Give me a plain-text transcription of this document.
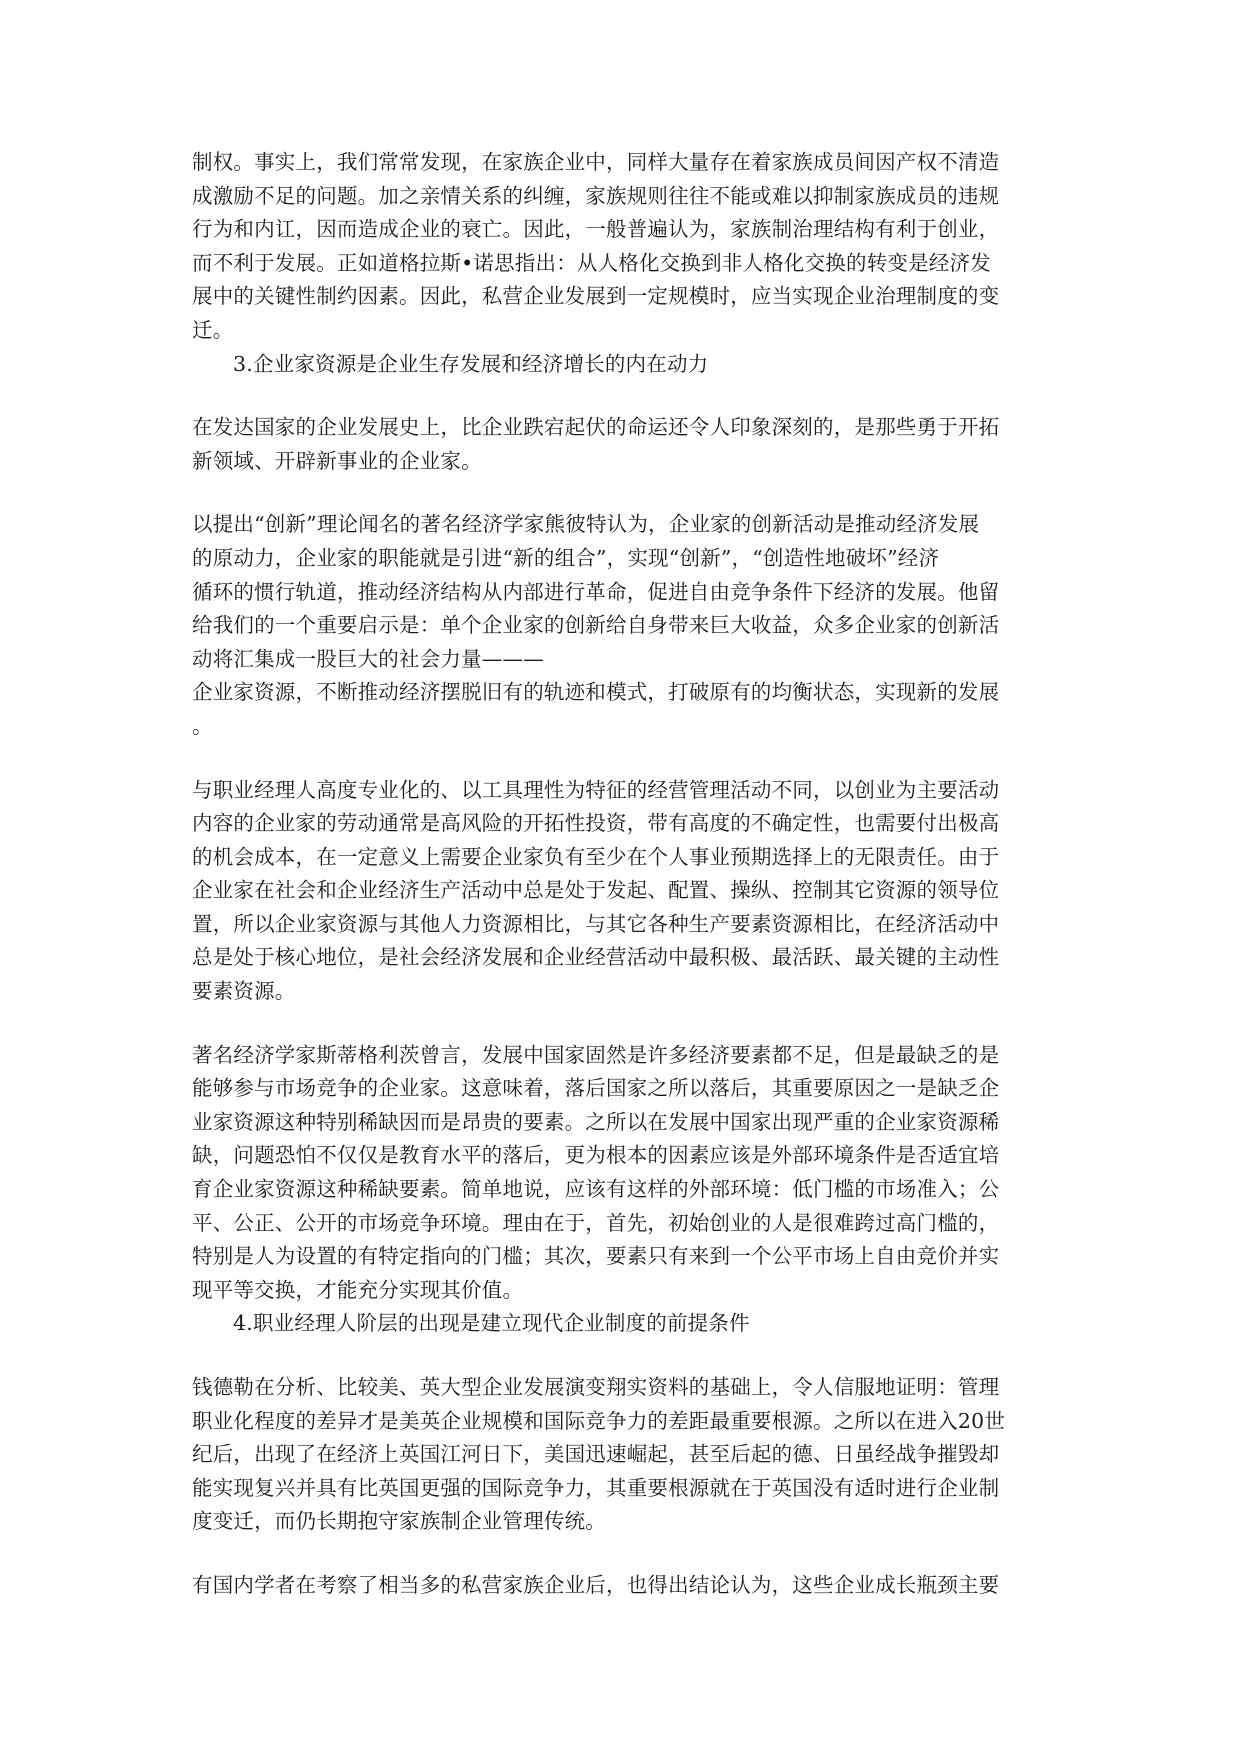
制权。事实上，我们常常发现，在家族企业中，同样大量存在着家族成员间因产权不清造
成激励不足的问题。加之亲情关系的纠缠，家族规则往往不能或难以抑制家族成员的违规
行为和内讧，因而造成企业的衰亡。因此，一般普遍认为，家族制治理结构有利于创业，
而不利于发展。正如道格拉斯•诺思指出：从人格化交换到非人格化交换的转变是经济发
展中的关键性制约因素。因此，私营企业发展到一定规模时，应当实现企业治理制度的变
迁。

3.企业家资源是企业生存发展和经济增长的内在动力

在发达国家的企业发展史上，比企业跌宕起伏的命运还令人印象深刻的，是那些勇于开拓
新领域、开辟新事业的企业家。

以提出“创新”理论闻名的著名经济学家熊彼特认为，企业家的创新活动是推动经济发展
的原动力，企业家的职能就是引进“新的组合”，实现“创新”，“创造性地破坏”经济
循环的惯行轨道，推动经济结构从内部进行革命，促进自由竞争条件下经济的发展。他留
给我们的一个重要启示是：单个企业家的创新给自身带来巨大收益，众多企业家的创新活
动将汇集成一股巨大的社会力量———
企业家资源，不断推动经济摆脱旧有的轨迹和模式，打破原有的均衡状态，实现新的发展
。

与职业经理人高度专业化的、以工具理性为特征的经营管理活动不同，以创业为主要活动
内容的企业家的劳动通常是高风险的开拓性投资，带有高度的不确定性，也需要付出极高
的机会成本，在一定意义上需要企业家负有至少在个人事业预期选择上的无限责任。由于
企业家在社会和企业经济生产活动中总是处于发起、配置、操纵、控制其它资源的领导位
置，所以企业家资源与其他人力资源相比，与其它各种生产要素资源相比，在经济活动中
总是处于核心地位，是社会经济发展和企业经营活动中最积极、最活跃、最关键的主动性
要素资源。

著名经济学家斯蒂格利茨曾言，发展中国家固然是许多经济要素都不足，但是最缺乏的是
能够参与市场竞争的企业家。这意味着，落后国家之所以落后，其重要原因之一是缺乏企
业家资源这种特别稀缺因而是昂贵的要素。之所以在发展中国家出现严重的企业家资源稀
缺，问题恐怕不仅仅是教育水平的落后，更为根本的因素应该是外部环境条件是否适宜培
育企业家资源这种稀缺要素。简单地说，应该有这样的外部环境：低门槛的市场准入；公
平、公正、公开的市场竞争环境。理由在于，首先，初始创业的人是很难跨过高门槛的，
特别是人为设置的有特定指向的门槛；其次，要素只有来到一个公平市场上自由竞价并实
现平等交换，才能充分实现其价值。

4.职业经理人阶层的出现是建立现代企业制度的前提条件

钱德勒在分析、比较美、英大型企业发展演变翔实资料的基础上，令人信服地证明：管理
职业化程度的差异才是美英企业规模和国际竞争力的差距最重要根源。之所以在进入20世
纪后，出现了在经济上英国江河日下，美国迅速崛起，甚至后起的德、日虽经战争摧毁却
能实现复兴并具有比英国更强的国际竞争力，其重要根源就在于英国没有适时进行企业制
度变迁，而仍长期抱守家族制企业管理传统。

有国内学者在考察了相当多的私营家族企业后，也得出结论认为，这些企业成长瓶颈主要
